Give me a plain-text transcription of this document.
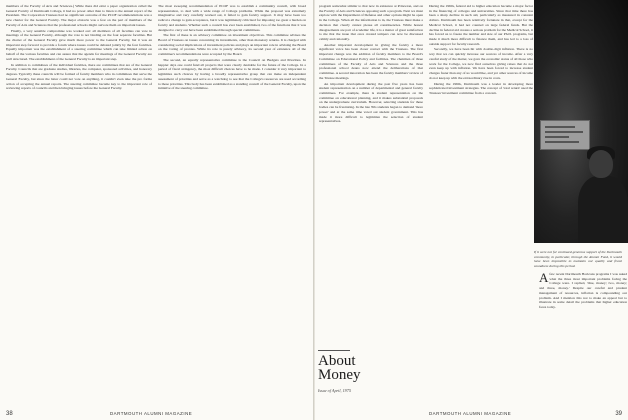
members of the Faculty of Arts and Sciences.) While there did exist a paper organization called the General Faculty of Dartmouth College, it had no power other than to listen to the annual report of the President. The Corporation Trustees had no significant outcome of the PCOF recommendations was a new charter for the General Faculty. The major obstacle was a fear on the part of members of the Faculty of Arts and Sciences that the professional schools might outvote them on important issues.

Finally, a very sensible compromise was worked out: all members of all faculties can vote in meetings of the General Faculty, although the vote is not binding on the four separate faculties. But the charter of the General Faculty gave much more power to the General Faculty, but it was an important step forward to provide a forum where issues could be debated jointly by the four faculties. Equally important was the establishment of a steering committee which can take limited action on behalf of the various faculties and can assure that the agenda for meetings of the General Faculty are well structured. The establishment of the General Faculty is an important step.

In addition to committees of the individual faculties, there are committees that are of the General Faculty. Councils that are graduate studies, libraries, the computer, sponsored activities, and honorary degrees. Typically these councils will be formed of faculty members who in committees that serve the General Faculty, but since the latter could not vote on anything, it couldn't even take the pro forma action of accepting the annual reports. The steering committee became key to the important role of reviewing reports of councils and then bringing issues before the General Faculty.

The most sweeping recommendation of PCOF was to establish a community council, with broad representation, to deal with a wide range of College problems. While the proposal was extremely imaginative and very carefully worked out, it failed to gain faculty support. It may have been too radical a change to gain acceptance, but it was legitimately criticized for imposing too great a burden on faculty and students. Whether such a council has ever been established, two of the functions that it was designed to carry out have been established through special committees.

The first of these is an advisory committee on investment objectives. This committee advises the Board of Trustees on issues concerning its investments, other than monetary returns. It is charged with considering social implications of investment policies and plays an important role in advising the Board on the voting of proxies. While its role is purely advisory, its second year of existence all of the committee's recommendations were accepted by the Board.

The second, an equally representative committee is the Council on Budgets and Priorities. In happier days one could fund all projects that were clearly desirable for the future of the College. In a period of fiscal stringency, the most difficult choices have to be made. I consider it very important to legitimize such choices by having a broadly representative group that can make an independent assessment of priorities and serve as a watchdog to see that the College's resources are used according to these priorities. This body has been established as a standing council of the General Faculty, upon the initiative of the steering committee.

38	DARTMOUTH ALUMNI MAGAZINE

program somewhat similar to that now in existence at Princeton, and on the Faculty of Arts and Sciences opposing such a program. Next we must explore with the Department of Defense and other options might be open in the College. When all the information is in, the Trustees must make a decision that clearly cannot please all constituencies. While honest disagreements are part of academic life, it is a matter of great satisfaction to me that the issue that once created tempers can now be discussed calmly and rationally.

Another important development in giving the faculty a more significant voice has been closer contact with the Trustees. The first important change was the addition of faculty members to the Board's Committee on Educational Policy and facilities. The chairmen of three committees of the Faculty of Arts and Sciences and the three professional school deans now attend the deliberations of that committee. A second innovation has been the faculty members' review of the Trustee meetings.

An important development during the past five years has been student representation on a number of departmental and general faculty committees. For example, there is student representation on the committee on educational planning, and it makes substantial proposals on the undergraduate curriculum. However, selecting students for these bodies can be frustrating. In the late '60s students began to demand 'more power' and at the same time voted out student government. This has made it more difficult to legitimize the selection of student representatives.

During the 1960s, federal aid to higher education became a major factor in the financing of colleges and universities. Since that time there has been a sharp decline in such aid, particularly as measured in constant dollars. Dartmouth has been relatively fortunate in that, except for the Medical School, it had not counted on large federal funds. But the decline in federal aid creates a serious problem for the Medical School, it has forced us to freeze the number and size of our Ph.D. programs, but made it much more difficult to finance them, and has led to a loss of outside support for faculty research.

Secondly, we have been hit with double-digit inflation. There is no way that we can quickly increase our sources of income. After a very careful study of the matter, we gave the economic status of all those who work for the College, we now find ourselves giving raises that do not even keep up with inflation. We have been forced to increase student charges faster than any of us would like, and yet other sources of income do not keep up with the extraordinary rise in costs.

During the 1960s, Dartmouth was a leader in developing more sophisticated investment strategies. The concept of 'total return' used the Trustees' investment committee from a concern.

Afew recent Dartmouth Horizons programs I was asked what the three most important problems facing the College were. I replied, 'One, money; two, money; and three, money.' Despite our careful and prudent management of resources, inflation is compounding our problem. And I mention this not to make an appeal but to illustrate in some detail the problems that higher education faces today.

39
DARTMOUTH ALUMNI MAGAZINE
If it were not for continued generous support of the Dartmouth community, in particular, through the Alumni Fund, it would have been impossible to maintain our quality and fiscal soundness during this period.
About
Money
Issue of April, 1975
